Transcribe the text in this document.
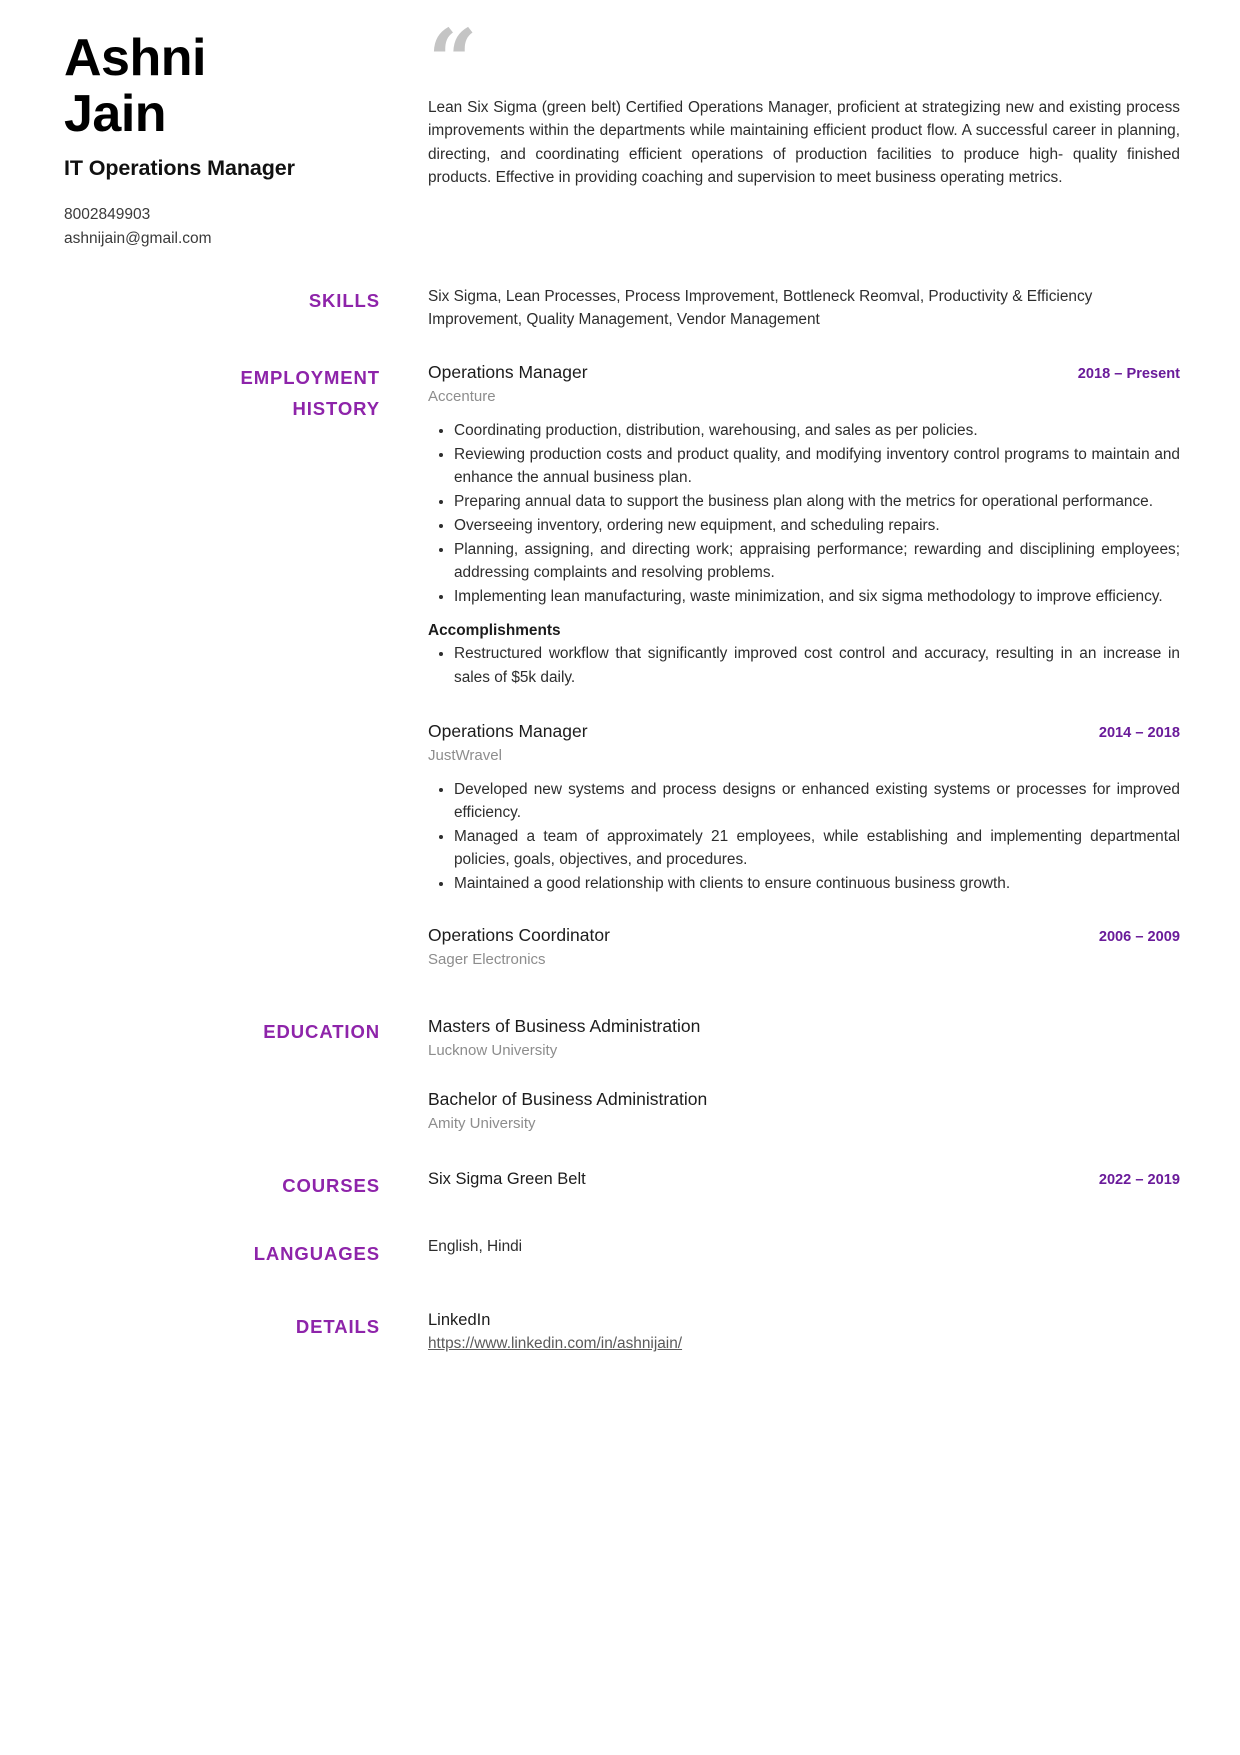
Ashni
Jain
IT Operations Manager
8002849903
ashnijain@gmail.com
“
Lean Six Sigma (green belt) Certified Operations Manager, proficient at strategizing new and existing process improvements within the departments while maintaining efficient product flow. A successful career in planning, directing, and coordinating efficient operations of production facilities to produce high- quality finished products. Effective in providing coaching and supervision to meet business operating metrics.
SKILLS	Six Sigma, Lean Processes, Process Improvement, Bottleneck Reomval, Productivity & Efficiency Improvement, Quality Management, Vendor Management
EMPLOYMENT
HISTORY
Operations Manager	2018 – Present
Accenture
• Coordinating production, distribution, warehousing, and sales as per policies.
• Reviewing production costs and product quality, and modifying inventory control programs to maintain and enhance the annual business plan.
• Preparing annual data to support the business plan along with the metrics for operational performance.
• Overseeing inventory, ordering new equipment, and scheduling repairs.
• Planning, assigning, and directing work; appraising performance; rewarding and disciplining employees; addressing complaints and resolving problems.
• Implementing lean manufacturing, waste minimization, and six sigma methodology to improve efficiency.
Accomplishments
• Restructured workflow that significantly improved cost control and accuracy, resulting in an increase in sales of $5k daily.
Operations Manager	2014 – 2018
JustWravel
• Developed new systems and process designs or enhanced existing systems or processes for improved efficiency.
• Managed a team of approximately 21 employees, while establishing and implementing departmental policies, goals, objectives, and procedures.
• Maintained a good relationship with clients to ensure continuous business growth.
Operations Coordinator	2006 – 2009
Sager Electronics
EDUCATION	Masters of Business Administration
Lucknow University
Bachelor of Business Administration
Amity University
COURSES	Six Sigma Green Belt	2022 – 2019
LANGUAGES	English, Hindi
DETAILS	LinkedIn
https://www.linkedin.com/in/ashnijain/
